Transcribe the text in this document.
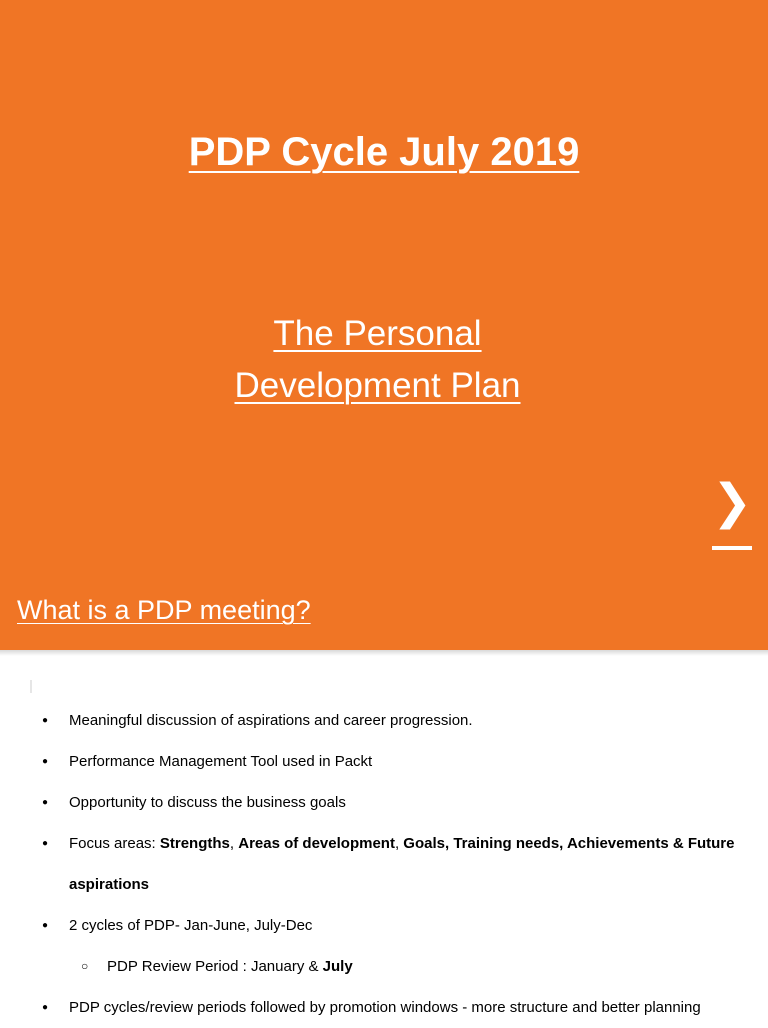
PDP Cycle July 2019
The Personal
Development Plan
❯
What is a PDP meeting?
● Meaningful discussion of aspirations and career progression.
● Performance Management Tool used in Packt
● Opportunity to discuss the business goals
● Focus areas: Strengths, Areas of development, Goals, Training needs, Achievements & Future
aspirations
● 2 cycles of PDP- Jan-June, July-Dec
○ PDP Review Period : January & July
● PDP cycles/review periods followed by promotion windows - more structure and better planning
